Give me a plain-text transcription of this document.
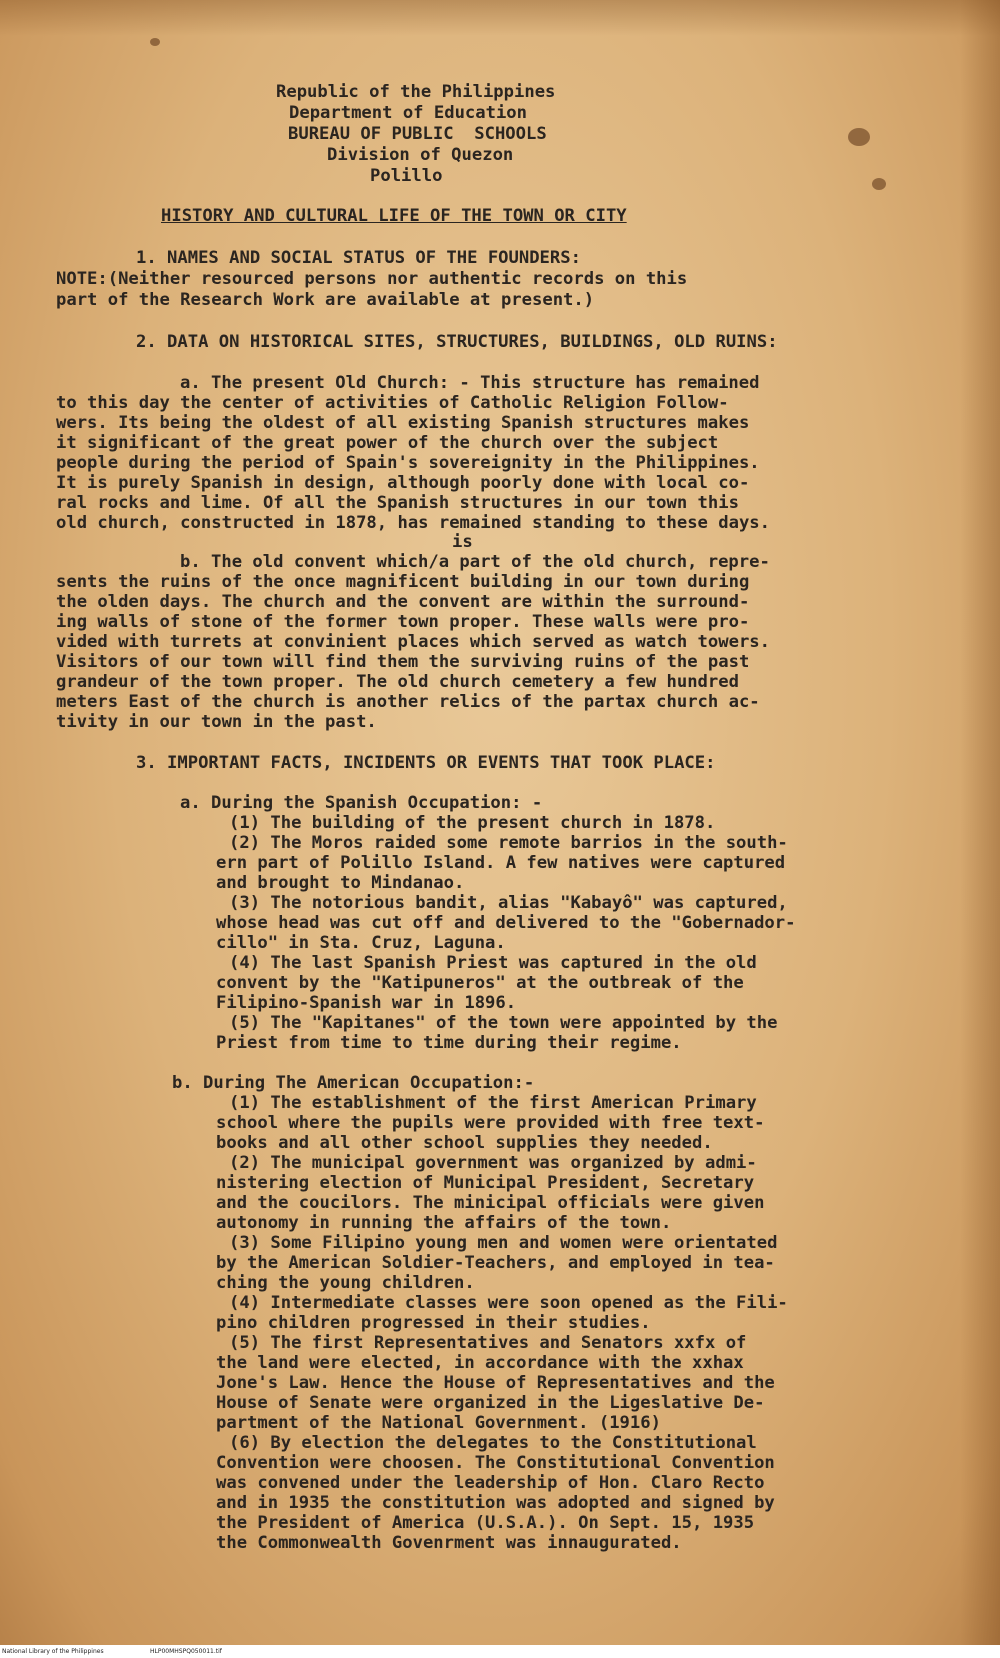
Republic of the Philippines
Department of Education
BUREAU OF PUBLIC  SCHOOLS
Division of Quezon
Polillo
HISTORY AND CULTURAL LIFE OF THE TOWN OR CITY
1. NAMES AND SOCIAL STATUS OF THE FOUNDERS:
NOTE:(Neither resourced persons nor authentic records on this
part of the Research Work are available at present.)
2. DATA ON HISTORICAL SITES, STRUCTURES, BUILDINGS, OLD RUINS:
a. The present Old Church: - This structure has remained
to this day the center of activities of Catholic Religion Follow-
wers. Its being the oldest of all existing Spanish structures makes
it significant of the great power of the church over the subject
people during the period of Spain's sovereignity in the Philippines.
It is purely Spanish in design, although poorly done with local co-
ral rocks and lime. Of all the Spanish structures in our town this
old church, constructed in 1878, has remained standing to these days.
is
b. The old convent which/a part of the old church, repre-
sents the ruins of the once magnificent building in our town during
the olden days. The church and the convent are within the surround-
ing walls of stone of the former town proper. These walls were pro-
vided with turrets at convinient places which served as watch towers.
Visitors of our town will find them the surviving ruins of the past
grandeur of the town proper. The old church cemetery a few hundred
meters East of the church is another relics of the partax church ac-
tivity in our town in the past.
3. IMPORTANT FACTS, INCIDENTS OR EVENTS THAT TOOK PLACE:
a. During the Spanish Occupation: -
(1) The building of the present church in 1878.
(2) The Moros raided some remote barrios in the south-
ern part of Polillo Island. A few natives were captured
and brought to Mindanao.
(3) The notorious bandit, alias "Kabayô" was captured,
whose head was cut off and delivered to the "Gobernador-
cillo" in Sta. Cruz, Laguna.
(4) The last Spanish Priest was captured in the old
convent by the "Katipuneros" at the outbreak of the
Filipino-Spanish war in 1896.
(5) The "Kapitanes" of the town were appointed by the
Priest from time to time during their regime.
b. During The American Occupation:-
(1) The establishment of the first American Primary
school where the pupils were provided with free text-
books and all other school supplies they needed.
(2) The municipal government was organized by admi-
nistering election of Municipal President, Secretary
and the coucilors. The minicipal officials were given
autonomy in running the affairs of the town.
(3) Some Filipino young men and women were orientated
by the American Soldier-Teachers, and employed in tea-
ching the young children.
(4) Intermediate classes were soon opened as the Fili-
pino children progressed in their studies.
(5) The first Representatives and Senators xxfx of
the land were elected, in accordance with the xxhax
Jone's Law. Hence the House of Representatives and the
House of Senate were organized in the Ligeslative De-
partment of the National Government. (1916)
(6) By election the delegates to the Constitutional
Convention were choosen. The Constitutional Convention
was convened under the leadership of Hon. Claro Recto
and in 1935 the constitution was adopted and signed by
the President of America (U.S.A.). On Sept. 15, 1935
the Commonwealth Govenrment was innaugurated.
National Library of the Philippines	HLP00MHSPQ050011.tif
